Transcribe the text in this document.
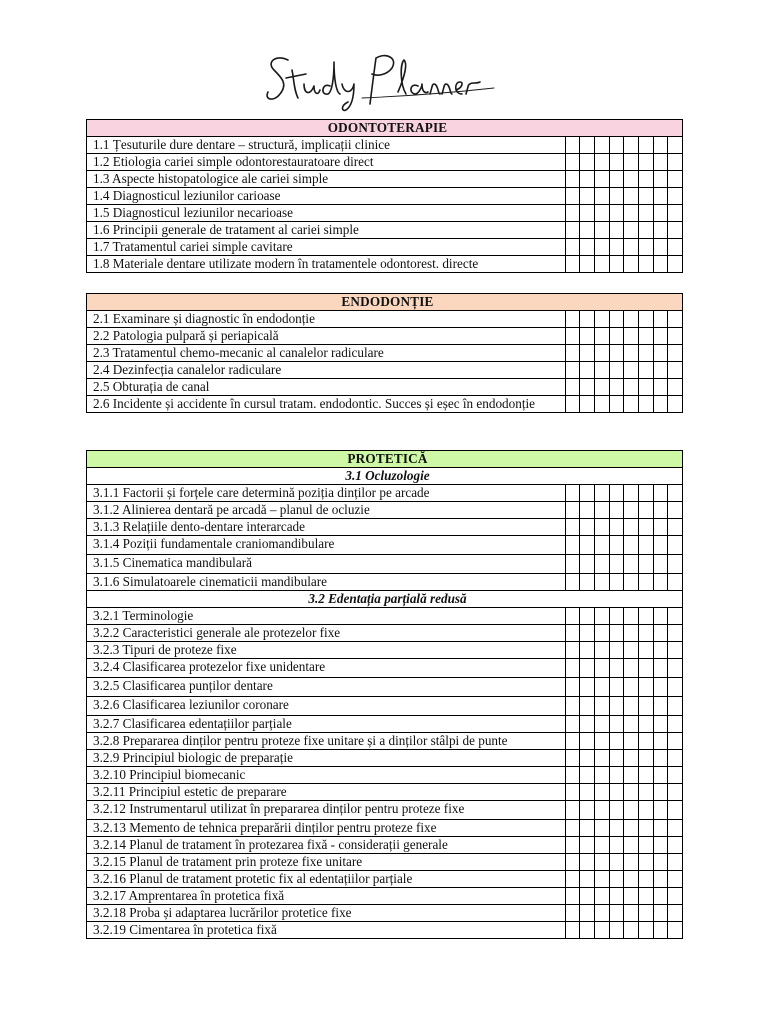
Study Planner
ODONTOTERAPIE								
1.1 Țesuturile dure dentare – structură, implicații clinice								
1.2 Etiologia cariei simple odontorestauratoare direct								
1.3 Aspecte histopatologice ale cariei simple								
1.4 Diagnosticul leziunilor carioase								
1.5 Diagnosticul leziunilor necarioase								
1.6 Principii generale de tratament al cariei simple								
1.7 Tratamentul cariei simple cavitare								
1.8 Materiale dentare utilizate modern în tratamentele odontorest. directe								
ENDODONȚIE								
2.1 Examinare și diagnostic în endodonție								
2.2 Patologia pulpară și periapicală								
2.3 Tratamentul chemo-mecanic al canalelor radiculare								
2.4 Dezinfecția canalelor radiculare								
2.5 Obturația de canal								
2.6 Incidente și accidente în cursul tratam. endodontic. Succes și eșec în endodonție								
PROTETICĂ								
3.1 Ocluzologie								
3.1.1 Factorii și forțele care determină poziția dinților pe arcade								
3.1.2 Alinierea dentară pe arcadă – planul de ocluzie								
3.1.3 Relațiile dento-dentare interarcade								
3.1.4 Poziții fundamentale craniomandibulare								
3.1.5 Cinematica mandibulară								
3.1.6 Simulatoarele cinematicii mandibulare								
3.2 Edentația parțială redusă								
3.2.1 Terminologie								
3.2.2 Caracteristici generale ale protezelor fixe								
3.2.3 Tipuri de proteze fixe								
3.2.4 Clasificarea protezelor fixe unidentare								
3.2.5 Clasificarea punților dentare								
3.2.6 Clasificarea leziunilor coronare								
3.2.7 Clasificarea edentațiilor parțiale								
3.2.8 Prepararea dinților pentru proteze fixe unitare și a dinților stâlpi de punte								
3.2.9 Principiul biologic de preparație								
3.2.10 Principiul biomecanic								
3.2.11 Principiul estetic de preparare								
3.2.12 Instrumentarul utilizat în prepararea dinților pentru proteze fixe								
3.2.13 Memento de tehnica preparării dinților pentru proteze fixe								
3.2.14 Planul de tratament în protezarea fixă - considerații generale								
3.2.15 Planul de tratament prin proteze fixe unitare								
3.2.16 Planul de tratament protetic fix al edentațiilor parțiale								
3.2.17 Amprentarea în protetica fixă								
3.2.18 Proba și adaptarea lucrărilor protetice fixe								
3.2.19 Cimentarea în protetica fixă								
